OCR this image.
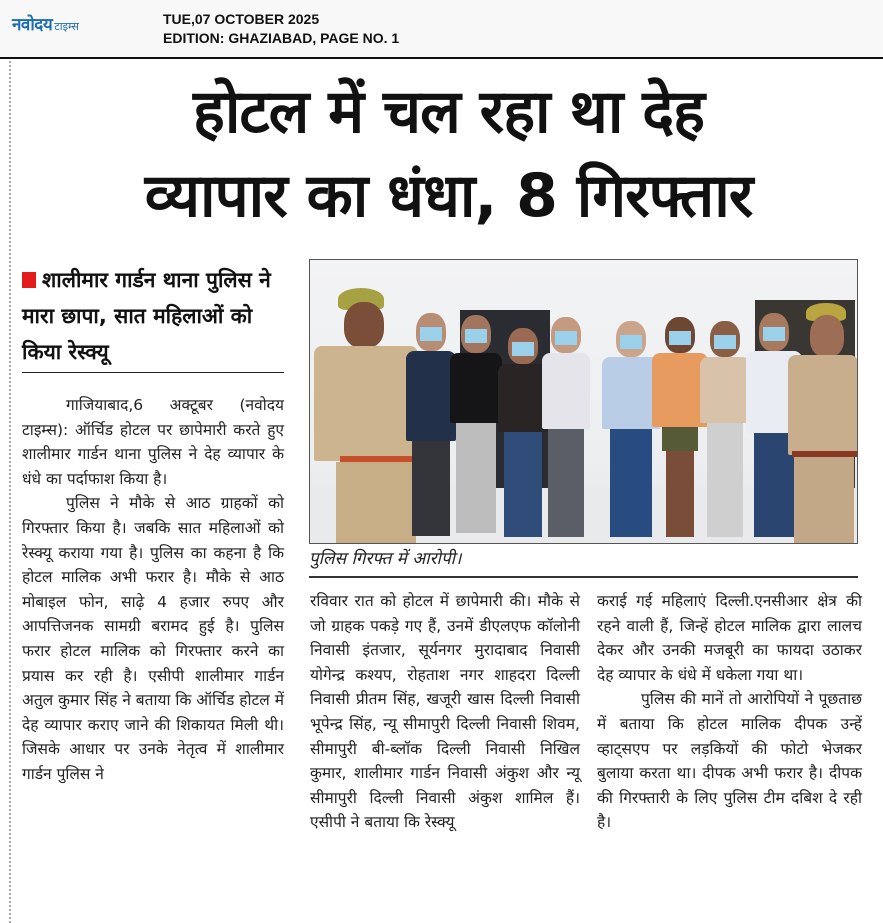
नवोदय टाइम्स	TUE,07 OCTOBER 2025
EDITION: GHAZIABAD, PAGE NO. 1
होटल में चल रहा था देह
व्यापार का धंधा, 8 गिरफ्तार
शालीमार गार्डन थाना पुलिस ने मारा छापा, सात महिलाओं को किया रेस्क्यू

गाजियाबाद,6 अक्टूबर (नवोदय टाइम्स): ऑर्चिड होटल पर छापेमारी करते हुए शालीमार गार्डन थाना पुलिस ने देह व्यापार के धंधे का पर्दाफाश किया है।

पुलिस ने मौके से आठ ग्राहकों को गिरफ्तार किया है। जबकि सात महिलाओं को रेस्क्यू कराया गया है। पुलिस का कहना है कि होटल मालिक अभी फरार है। मौके से आठ मोबाइल फोन, साढ़े 4 हजार रुपए और आपत्तिजनक सामग्री बरामद हुई है। पुलिस फरार होटल मालिक को गिरफ्तार करने का प्रयास कर रही है। एसीपी शालीमार गार्डन अतुल कुमार सिंह ने बताया कि ऑर्चिड होटल में देह व्यापार कराए जाने की शिकायत मिली थी। जिसके आधार पर उनके नेतृत्व में शालीमार गार्डन पुलिस ने

पुलिस गिरफ्त में आरोपी।

रविवार रात को होटल में छापेमारी की। मौके से जो ग्राहक पकड़े गए हैं, उनमें डीएलएफ कॉलोनी निवासी इंतजार, सूर्यनगर मुरादाबाद निवासी योगेन्द्र कश्यप, रोहताश नगर शाहदरा दिल्ली निवासी प्रीतम सिंह, खजूरी खास दिल्ली निवासी भूपेन्द्र सिंह, न्यू सीमापुरी दिल्ली निवासी शिवम, सीमापुरी बी-ब्लॉक दिल्ली निवासी निखिल कुमार, शालीमार गार्डन निवासी अंकुश और न्यू सीमापुरी दिल्ली निवासी अंकुश शामिल हैं। एसीपी ने बताया कि रेस्क्यू

कराई गई महिलाएं दिल्ली.एनसीआर क्षेत्र की रहने वाली हैं, जिन्हें होटल मालिक द्वारा लालच देकर और उनकी मजबूरी का फायदा उठाकर देह व्यापार के धंधे में धकेला गया था।

पुलिस की मानें तो आरोपियों ने पूछताछ में बताया कि होटल मालिक दीपक उन्हें व्हाट्सएप पर लड़कियों की फोटो भेजकर बुलाया करता था। दीपक अभी फरार है। दीपक की गिरफ्तारी के लिए पुलिस टीम दबिश दे रही है।
